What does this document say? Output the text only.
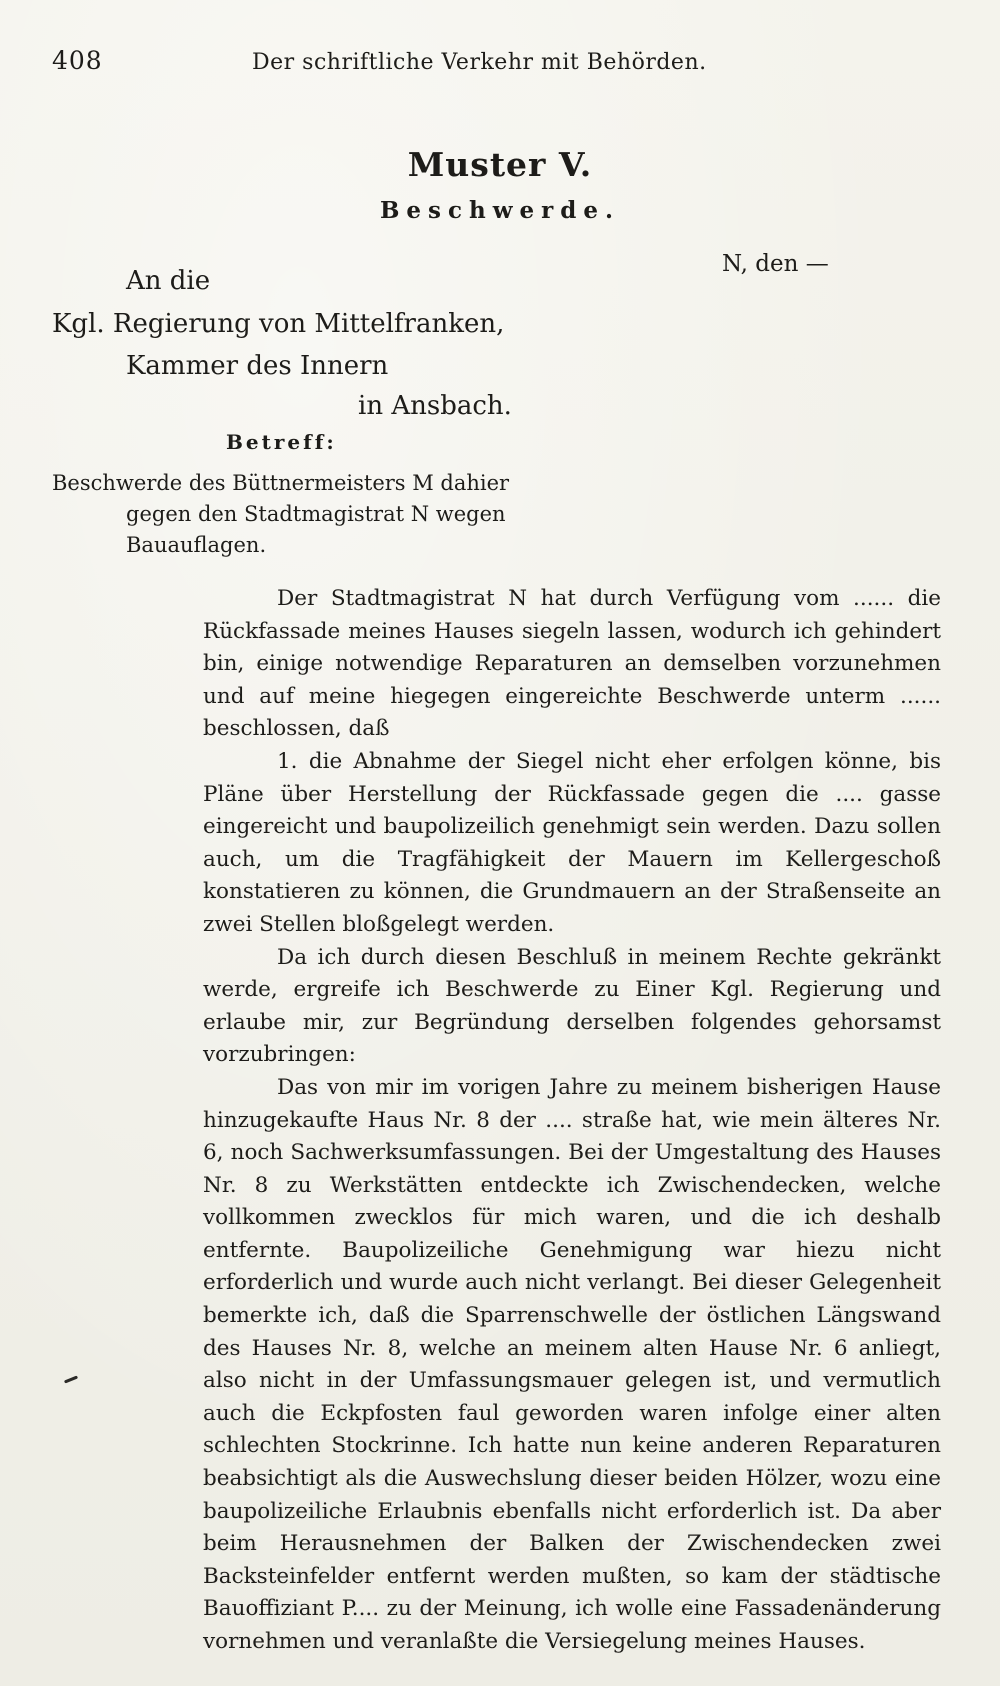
408	Der schriftliche Verkehr mit Behörden.
Muster V.
Beschwerde.
N, den —
An die
Kgl. Regierung von Mittelfranken,
Kammer des Innern
in Ansbach.
Betreff:
Beschwerde des Büttnermeisters M dahier
gegen den Stadtmagistrat N wegen
Bauauflagen.

Der Stadtmagistrat N hat durch Verfügung vom ...... die Rückfassade meines Hauses siegeln lassen, wodurch ich gehindert bin, einige notwendige Reparaturen an demselben vorzunehmen und auf meine hiegegen eingereichte Beschwerde unterm ...... beschlossen, daß

1. die Abnahme der Siegel nicht eher erfolgen könne, bis Pläne über Herstellung der Rückfassade gegen die .... gasse eingereicht und baupolizeilich genehmigt sein werden. Dazu sollen auch, um die Tragfähigkeit der Mauern im Kellergeschoß konstatieren zu können, die Grundmauern an der Straßenseite an zwei Stellen bloßgelegt werden.

Da ich durch diesen Beschluß in meinem Rechte gekränkt werde, ergreife ich Beschwerde zu Einer Kgl. Regierung und erlaube mir, zur Begründung derselben folgendes gehorsamst vorzubringen:

Das von mir im vorigen Jahre zu meinem bisherigen Hause hinzugekaufte Haus Nr. 8 der .... straße hat, wie mein älteres Nr. 6, noch Sachwerksumfassungen. Bei der Umgestaltung des Hauses Nr. 8 zu Werkstätten entdeckte ich Zwischendecken, welche vollkommen zwecklos für mich waren, und die ich deshalb entfernte. Baupolizeiliche Genehmigung war hiezu nicht erforderlich und wurde auch nicht verlangt. Bei dieser Gelegenheit bemerkte ich, daß die Sparrenschwelle der östlichen Längswand des Hauses Nr. 8, welche an meinem alten Hause Nr. 6 anliegt, also nicht in der Umfassungsmauer gelegen ist, und vermutlich auch die Eckpfosten faul geworden waren infolge einer alten schlechten Stockrinne. Ich hatte nun keine anderen Reparaturen beabsichtigt als die Auswechslung dieser beiden Hölzer, wozu eine baupolizeiliche Erlaubnis ebenfalls nicht erforderlich ist. Da aber beim Herausnehmen der Balken der Zwischendecken zwei Backsteinfelder entfernt werden mußten, so kam der städtische Bauoffiziant P.... zu der Meinung, ich wolle eine Fassadenänderung vornehmen und veranlaßte die Versiegelung meines Hauses.
